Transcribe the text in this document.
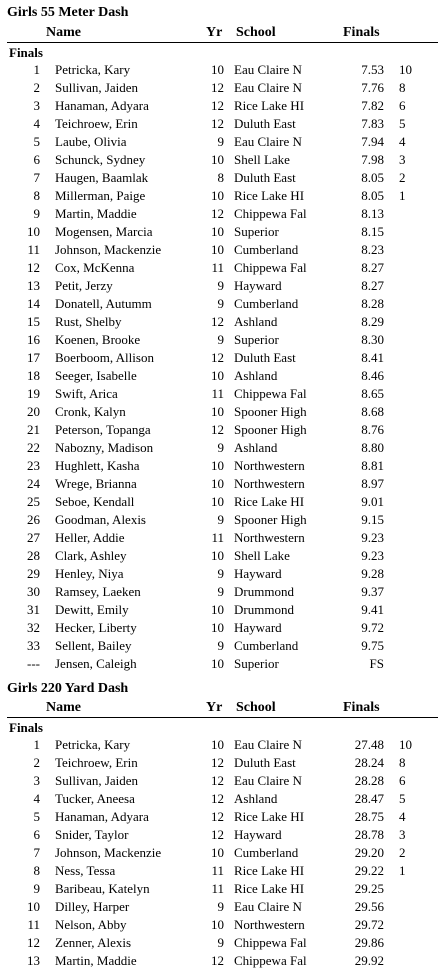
Girls 55 Meter Dash
Name	Yr School	Finals
Finals
1 Petricka, Kary	10 Eau Claire N	7.53 10
2 Sullivan, Jaiden	12 Eau Claire N	7.76 8
3 Hanaman, Adyara	12 Rice Lake HI	7.82 6
4 Teichroew, Erin	12 Duluth East	7.83 5
5 Laube, Olivia	9 Eau Claire N	7.94 4
6 Schunck, Sydney	10 Shell Lake	7.98 3
7 Haugen, Baamlak	8 Duluth East	8.05 2
8 Millerman, Paige	10 Rice Lake HI	8.05 1
9 Martin, Maddie	12 Chippewa Fal	8.13
10 Mogensen, Marcia	10 Superior	8.15
11 Johnson, Mackenzie	10 Cumberland	8.23
12 Cox, McKenna	11 Chippewa Fal	8.27
13 Petit, Jerzy	9 Hayward	8.27
14 Donatell, Autumm	9 Cumberland	8.28
15 Rust, Shelby	12 Ashland	8.29
16 Koenen, Brooke	9 Superior	8.30
17 Boerboom, Allison	12 Duluth East	8.41
18 Seeger, Isabelle	10 Ashland	8.46
19 Swift, Arica	11 Chippewa Fal	8.65
20 Cronk, Kalyn	10 Spooner High	8.68
21 Peterson, Topanga	12 Spooner High	8.76
22 Nabozny, Madison	9 Ashland	8.80
23 Hughlett, Kasha	10 Northwestern	8.81
24 Wrege, Brianna	10 Northwestern	8.97
25 Seboe, Kendall	10 Rice Lake HI	9.01
26 Goodman, Alexis	9 Spooner High	9.15
27 Heller, Addie	11 Northwestern	9.23
28 Clark, Ashley	10 Shell Lake	9.23
29 Henley, Niya	9 Hayward	9.28
30 Ramsey, Laeken	9 Drummond	9.37
31 Dewitt, Emily	10 Drummond	9.41
32 Hecker, Liberty	10 Hayward	9.72
33 Sellent, Bailey	9 Cumberland	9.75
--- Jensen, Caleigh	10 Superior	FS
Girls 220 Yard Dash
Name	Yr School	Finals
Finals
1 Petricka, Kary	10 Eau Claire N	27.48 10
2 Teichroew, Erin	12 Duluth East	28.24 8
3 Sullivan, Jaiden	12 Eau Claire N	28.28 6
4 Tucker, Aneesa	12 Ashland	28.47 5
5 Hanaman, Adyara	12 Rice Lake HI	28.75 4
6 Snider, Taylor	12 Hayward	28.78 3
7 Johnson, Mackenzie	10 Cumberland	29.20 2
8 Ness, Tessa	11 Rice Lake HI	29.22 1
9 Baribeau, Katelyn	11 Rice Lake HI	29.25
10 Dilley, Harper	9 Eau Claire N	29.56
11 Nelson, Abby	10 Northwestern	29.72
12 Zenner, Alexis	9 Chippewa Fal	29.86
13 Martin, Maddie	12 Chippewa Fal	29.92
